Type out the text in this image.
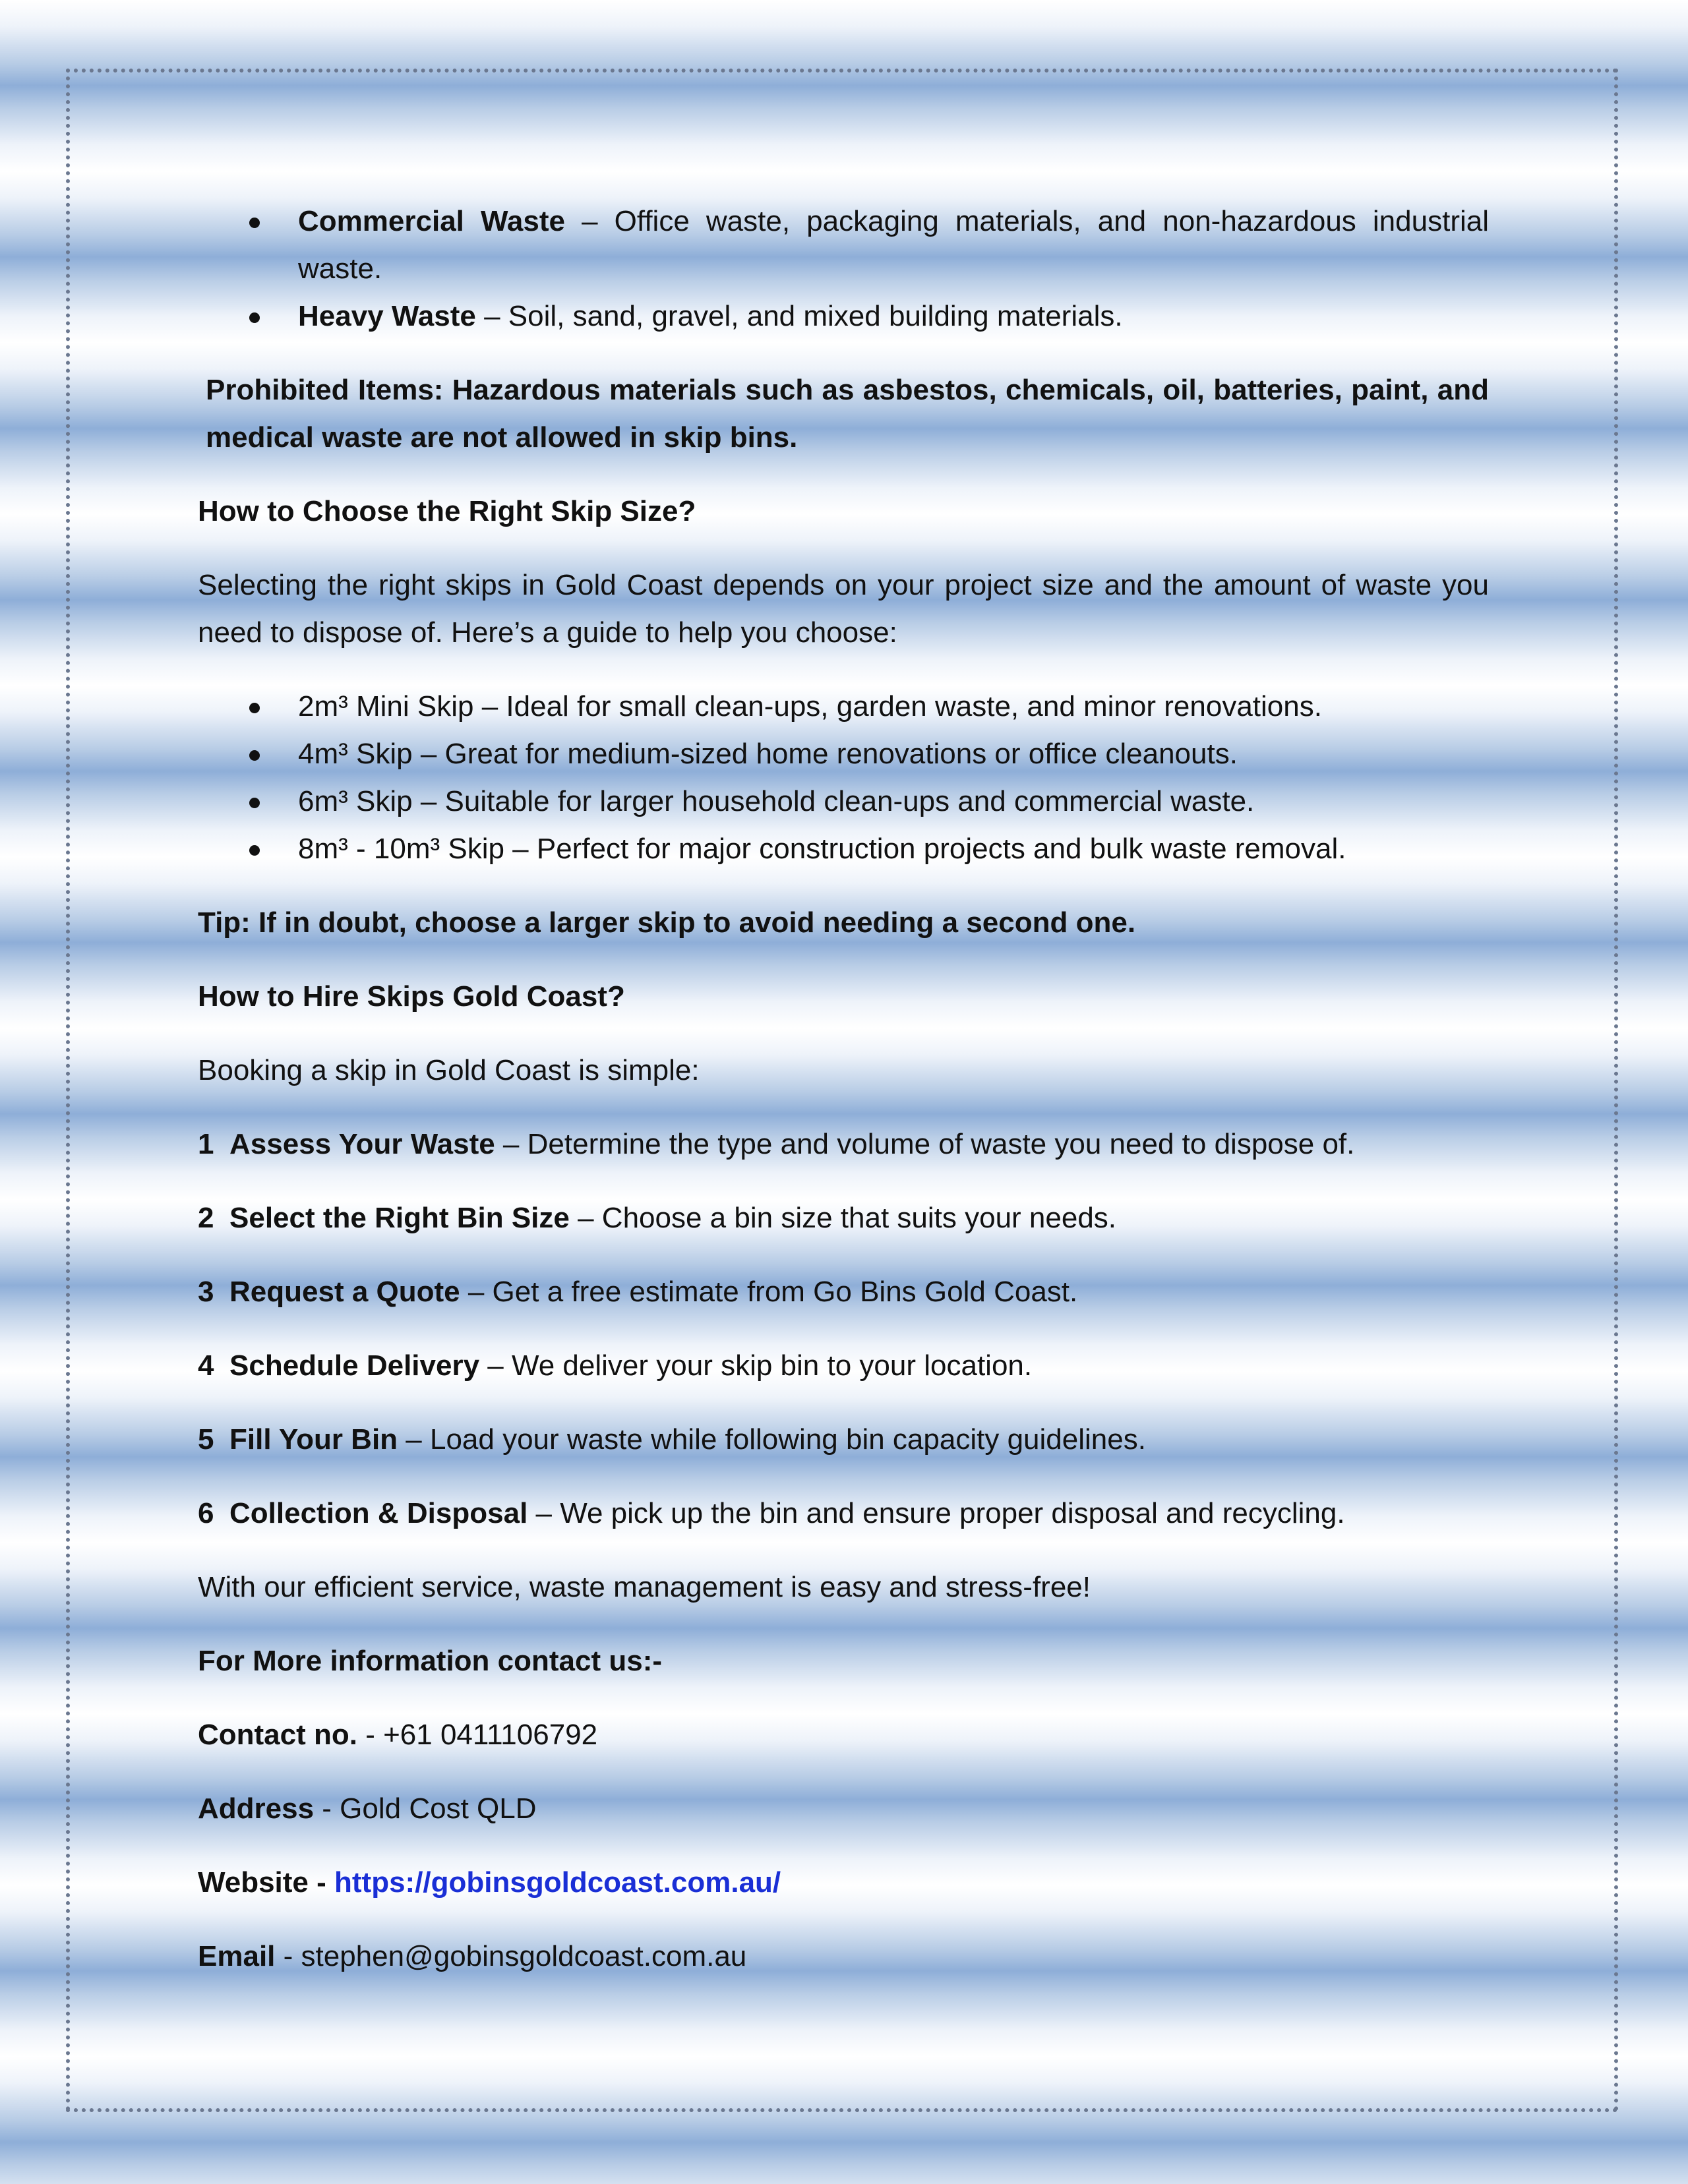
Commercial Waste – Office waste, packaging materials, and non-hazardous industrial waste.
Heavy Waste – Soil, sand, gravel, and mixed building materials.

Prohibited Items: Hazardous materials such as asbestos, chemicals, oil, batteries, paint, and medical waste are not allowed in skip bins.

How to Choose the Right Skip Size?

Selecting the right skips in Gold Coast depends on your project size and the amount of waste you need to dispose of. Here’s a guide to help you choose:

2m³ Mini Skip – Ideal for small clean-ups, garden waste, and minor renovations.
4m³ Skip – Great for medium-sized home renovations or office cleanouts.
6m³ Skip – Suitable for larger household clean-ups and commercial waste.
8m³ - 10m³ Skip – Perfect for major construction projects and bulk waste removal.

Tip: If in doubt, choose a larger skip to avoid needing a second one.

How to Hire Skips Gold Coast?

Booking a skip in Gold Coast is simple:

1 Assess Your Waste – Determine the type and volume of waste you need to dispose of.

2 Select the Right Bin Size – Choose a bin size that suits your needs.

3 Request a Quote – Get a free estimate from Go Bins Gold Coast.

4 Schedule Delivery – We deliver your skip bin to your location.

5 Fill Your Bin – Load your waste while following bin capacity guidelines.

6 Collection & Disposal – We pick up the bin and ensure proper disposal and recycling.

With our efficient service, waste management is easy and stress-free!

For More information contact us:-

Contact no. - +61 0411106792

Address - Gold Cost QLD

Website - https://gobinsgoldcoast.com.au/

Email - stephen@gobinsgoldcoast.com.au
